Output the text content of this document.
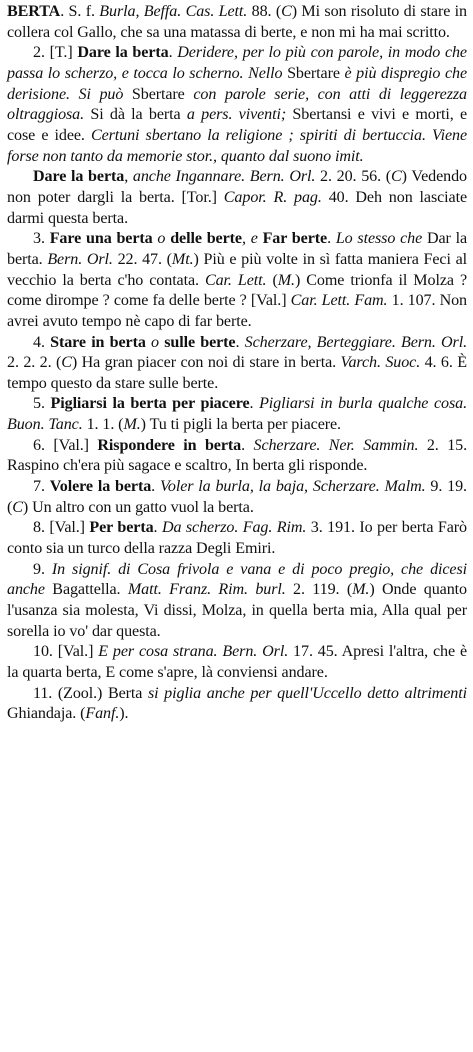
BERTA. S. f. Burla, Beffa. Cas. Lett. 88. (C) Mi son risoluto di stare in collera col Gallo, che sa una matassa di berte, e non mi ha mai scritto.

2. [T.] Dare la berta. Deridere, per lo più con parole, in modo che passa lo scherzo, e tocca lo scherno. Nello Sbertare è più dispregio che derisione. Si può Sbertare con parole serie, con atti di leggerezza oltraggiosa. Si dà la berta a pers. viventi; Sbertansi e vivi e morti, e cose e idee. Certuni sbertano la religione ; spiriti di bertuccia. Viene forse non tanto da memorie stor., quanto dal suono imit.

Dare la berta, anche Ingannare. Bern. Orl. 2. 20. 56. (C) Vedendo non poter dargli la berta. [Tor.] Capor. R. pag. 40. Deh non lasciate darmi questa berta.

3. Fare una berta o delle berte, e Far berte. Lo stesso che Dar la berta. Bern. Orl. 22. 47. (Mt.) Più e più volte in sì fatta maniera Feci al vecchio la berta c'ho contata. Car. Lett. (M.) Come trionfa il Molza ? come dirompe ? come fa delle berte ? [Val.] Car. Lett. Fam. 1. 107. Non avrei avuto tempo nè capo di far berte.

4. Stare in berta o sulle berte. Scherzare, Berteggiare. Bern. Orl. 2. 2. 2. (C) Ha gran piacer con noi di stare in berta. Varch. Suoc. 4. 6. È tempo questo da stare sulle berte.

5. Pigliarsi la berta per piacere. Pigliarsi in burla qualche cosa. Buon. Tanc. 1. 1. (M.) Tu ti pigli la berta per piacere.

6. [Val.] Rispondere in berta. Scherzare. Ner. Sammin. 2. 15. Raspino ch'era più sagace e scaltro, In berta gli risponde.

7. Volere la berta. Voler la burla, la baja, Scherzare. Malm. 9. 19. (C) Un altro con un gatto vuol la berta.

8. [Val.] Per berta. Da scherzo. Fag. Rim. 3. 191. Io per berta Farò conto sia un turco della razza Degli Emiri.

9. In signif. di Cosa frivola e vana e di poco pregio, che dicesi anche Bagattella. Matt. Franz. Rim. burl. 2. 119. (M.) Onde quanto l'usanza sia molesta, Vi dissi, Molza, in quella berta mia, Alla qual per sorella io vo' dar questa.

10. [Val.] E per cosa strana. Bern. Orl. 17. 45. Apresi l'altra, che è la quarta berta, E come s'apre, là conviensi andare.

11. (Zool.) Berta si piglia anche per quell'Uccello detto altrimenti Ghiandaja. (Fanf.).
